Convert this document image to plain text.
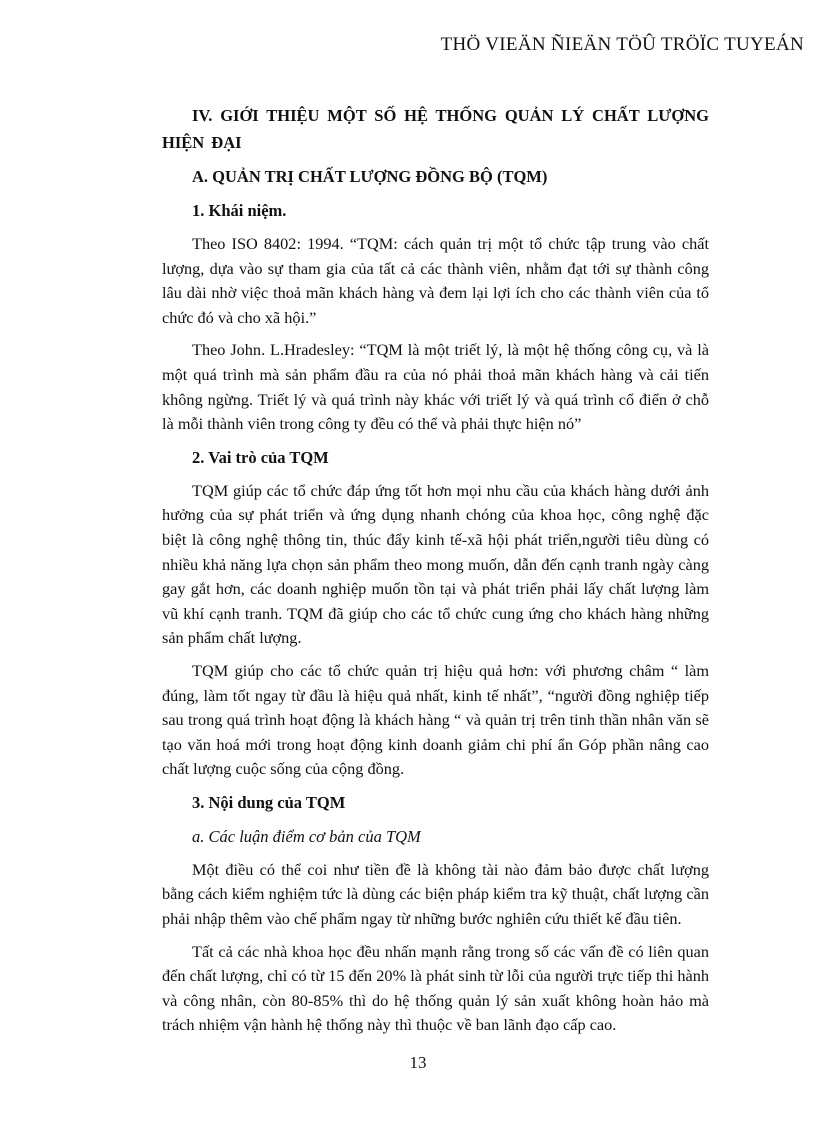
THÖ VIEÄN ÑIEÄN TÖÛ TRÖÏC TUYEÁN
IV. GIỚI THIỆU MỘT SỐ HỆ THỐNG QUẢN LÝ CHẤT LƯỢNG HIỆN ĐẠI
A. QUẢN TRỊ CHẤT LƯỢNG ĐỒNG BỘ (TQM)
1. Khái niệm.

Theo ISO 8402: 1994. “TQM: cách quản trị một tổ chức tập trung vào chất lượng, dựa vào sự tham gia của tất cả các thành viên, nhằm đạt tới sự thành công lâu dài nhờ việc thoả mãn khách hàng và đem lại lợi ích cho các thành viên của tổ chức đó và cho xã hội.”

Theo John. L.Hradesley: “TQM là một triết lý, là một hệ thống công cụ, và là một quá trình mà sản phẩm đầu ra của nó phải thoả mãn khách hàng và cải tiến không ngừng. Triết lý và quá trình này khác với triết lý và quá trình cổ điển ở chỗ là mỗi thành viên trong công ty đều có thể và phải thực hiện nó”

2. Vai trò của TQM

TQM giúp các tổ chức đáp ứng tốt hơn mọi nhu cầu của khách hàng dưới ảnh hưởng của sự phát triển và ứng dụng nhanh chóng của khoa học, công nghệ đặc biệt là công nghệ thông tin, thúc đẩy kinh tế-xã hội phát triển,người tiêu dùng có nhiều khả năng lựa chọn sản phẩm theo mong muốn, dẫn đến cạnh tranh ngày càng gay gắt hơn, các doanh nghiệp muốn tồn tại và phát triển phải lấy chất lượng làm vũ khí cạnh tranh. TQM đã giúp cho các tổ chức cung ứng cho khách hàng những sản phẩm chất lượng.

TQM giúp cho các tổ chức quản trị hiệu quả hơn: với phương châm “ làm đúng, làm tốt ngay từ đầu là hiệu quả nhất, kinh tế nhất”, “người đồng nghiệp tiếp sau trong quá trình hoạt động là khách hàng “ và quản trị trên tinh thần nhân văn sẽ tạo văn hoá mới trong hoạt động kinh doanh giảm chi phí ẩn Góp phần nâng cao chất lượng cuộc sống của cộng đồng.

3. Nội dung của TQM
a. Các luận điểm cơ bản của TQM

Một điều có thể coi như tiền đề là không tài nào đảm bảo được chất lượng bằng cách kiểm nghiệm tức là dùng các biện pháp kiểm tra kỹ thuật, chất lượng cần phải nhập thêm vào chế phẩm ngay từ những bước nghiên cứu thiết kế đầu tiên.

Tất cả các nhà khoa học đều nhấn mạnh rằng trong số các vấn đề có liên quan đến chất lượng, chỉ có từ 15 đến 20% là phát sinh từ lỗi của người trực tiếp thi hành và công nhân, còn 80-85% thì do hệ thống quản lý sản xuất không hoàn hảo mà trách nhiệm vận hành hệ thống này thì thuộc về ban lãnh đạo cấp cao.

13
